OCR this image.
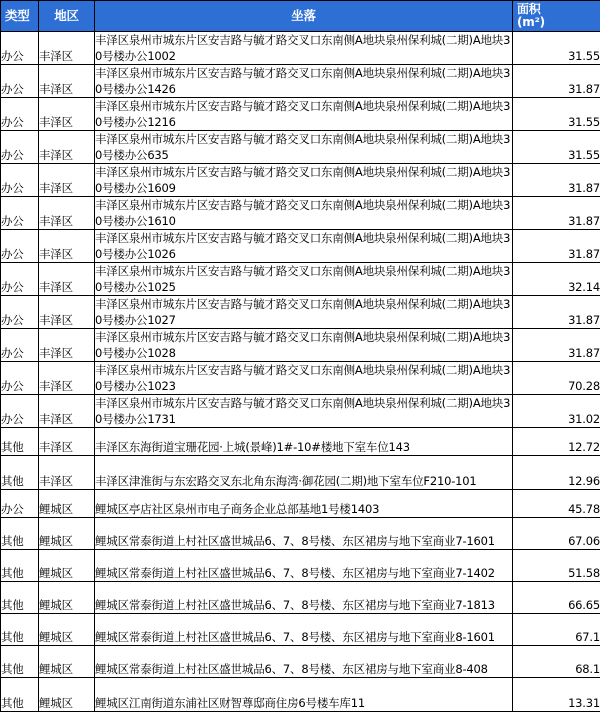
类型	地区	坐落	面积
(m²)

办公	丰泽区	丰泽区泉州市城东片区安吉路与毓才路交叉口东南侧A地块泉州保利城(二期)A地块30号楼办公1002	31.55
办公	丰泽区	丰泽区泉州市城东片区安吉路与毓才路交叉口东南侧A地块泉州保利城(二期)A地块30号楼办公1426	31.87
办公	丰泽区	丰泽区泉州市城东片区安吉路与毓才路交叉口东南侧A地块泉州保利城(二期)A地块30号楼办公1216	31.55
办公	丰泽区	丰泽区泉州市城东片区安吉路与毓才路交叉口东南侧A地块泉州保利城(二期)A地块30号楼办公635	31.55
办公	丰泽区	丰泽区泉州市城东片区安吉路与毓才路交叉口东南侧A地块泉州保利城(二期)A地块30号楼办公1609	31.87
办公	丰泽区	丰泽区泉州市城东片区安吉路与毓才路交叉口东南侧A地块泉州保利城(二期)A地块30号楼办公1610	31.87
办公	丰泽区	丰泽区泉州市城东片区安吉路与毓才路交叉口东南侧A地块泉州保利城(二期)A地块30号楼办公1026	31.87
办公	丰泽区	丰泽区泉州市城东片区安吉路与毓才路交叉口东南侧A地块泉州保利城(二期)A地块30号楼办公1025	32.14
办公	丰泽区	丰泽区泉州市城东片区安吉路与毓才路交叉口东南侧A地块泉州保利城(二期)A地块30号楼办公1027	31.87
办公	丰泽区	丰泽区泉州市城东片区安吉路与毓才路交叉口东南侧A地块泉州保利城(二期)A地块30号楼办公1028	31.87
办公	丰泽区	丰泽区泉州市城东片区安吉路与毓才路交叉口东南侧A地块泉州保利城(二期)A地块30号楼办公1023	70.28
办公	丰泽区	丰泽区泉州市城东片区安吉路与毓才路交叉口东南侧A地块泉州保利城(二期)A地块30号楼办公1731	31.02
其他	丰泽区	丰泽区东海街道宝珊花园·上城(景峰)1#-10#楼地下室车位143	12.72
其他	丰泽区	丰泽区津淮街与东宏路交叉东北角东海湾·御花园(二期)地下室车位F210-101	12.96
办公	鲤城区	鲤城区亭店社区泉州市电子商务企业总部基地1号楼1403	45.78
其他	鲤城区	鲤城区常泰街道上村社区盛世城品6、7、8号楼、东区裙房与地下室商业7-1601	67.06
其他	鲤城区	鲤城区常泰街道上村社区盛世城品6、7、8号楼、东区裙房与地下室商业7-1402	51.58
其他	鲤城区	鲤城区常泰街道上村社区盛世城品6、7、8号楼、东区裙房与地下室商业7-1813	66.65
其他	鲤城区	鲤城区常泰街道上村社区盛世城品6、7、8号楼、东区裙房与地下室商业8-1601	67.1
其他	鲤城区	鲤城区常泰街道上村社区盛世城品6、7、8号楼、东区裙房与地下室商业8-408	68.1
其他	鲤城区	鲤城区江南街道东浦社区财智尊邸商住房6号楼车库11	13.31
